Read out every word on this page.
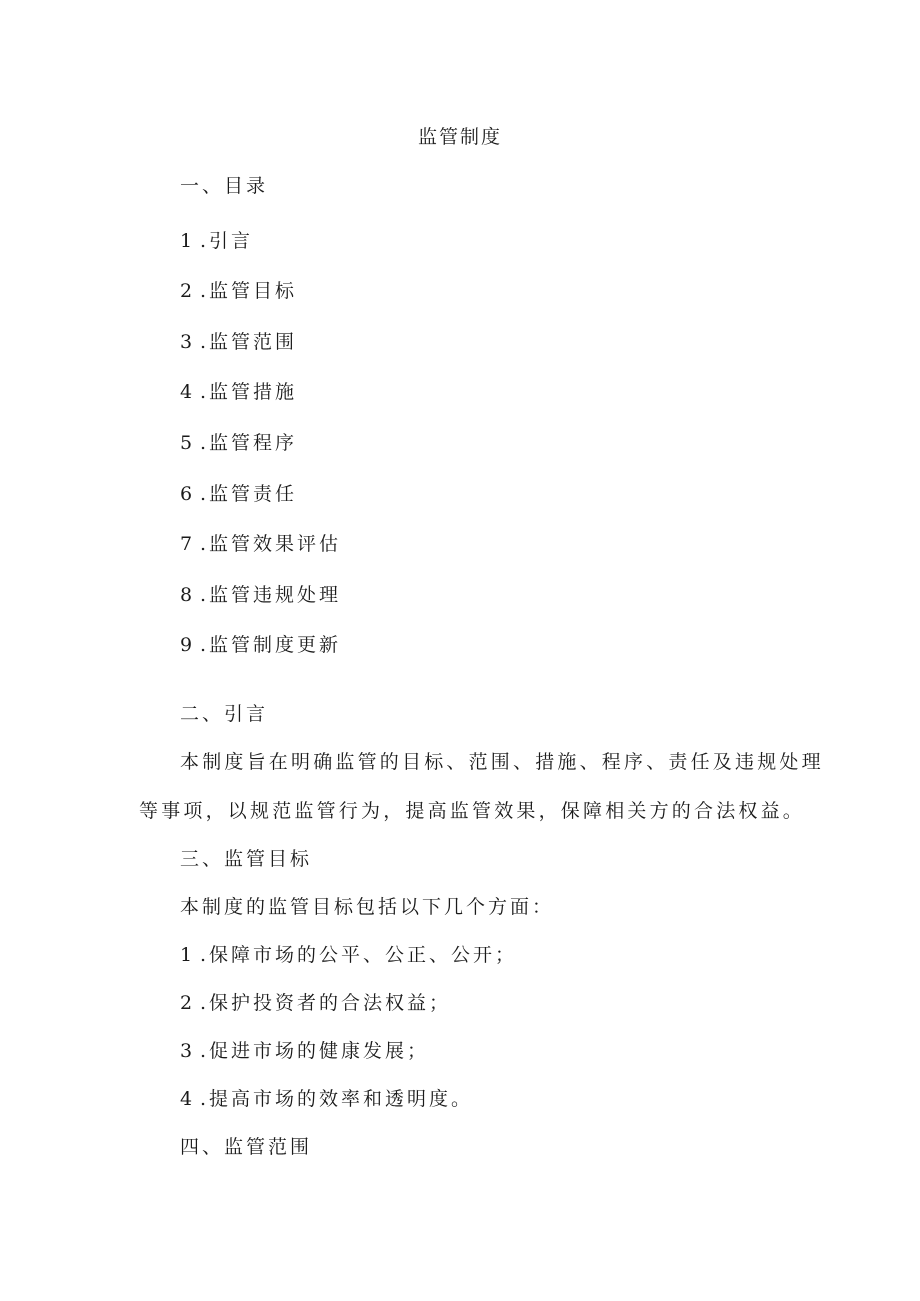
监管制度
一、目录
1 .引言
2 .监管目标
3 .监管范围
4 .监管措施
5 .监管程序
6 .监管责任
7 .监管效果评估
8 .监管违规处理
9 .监管制度更新
二、引言
本制度旨在明确监管的目标、范围、措施、程序、责任及违规处理
等事项，以规范监管行为，提高监管效果，保障相关方的合法权益。
三、监管目标
本制度的监管目标包括以下几个方面：
1 .保障市场的公平、公正、公开；
2 .保护投资者的合法权益；
3 .促进市场的健康发展；
4 .提高市场的效率和透明度。
四、监管范围
